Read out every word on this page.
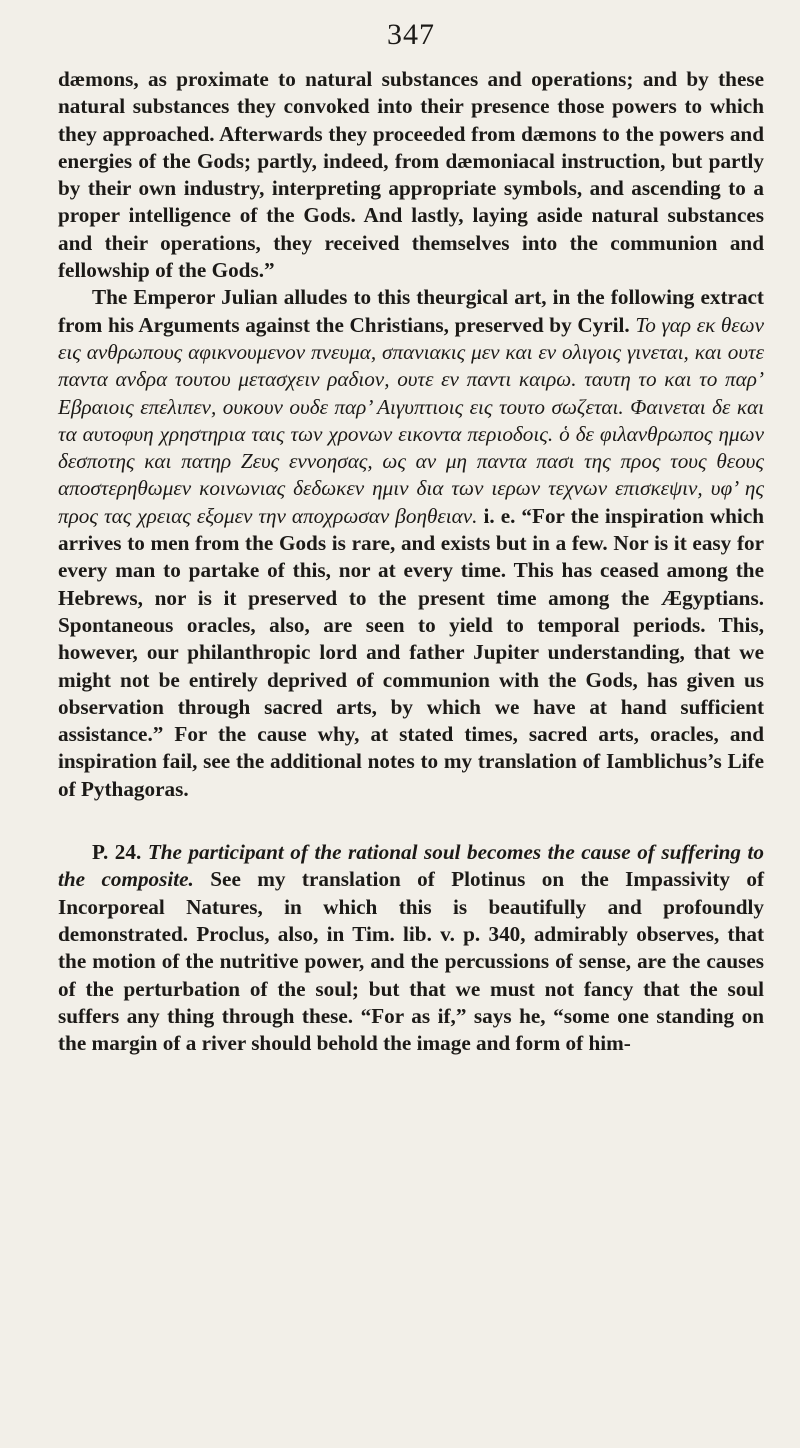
347

dæmons, as proximate to natural substances and operations; and by these natural substances they convoked into their presence those powers to which they approached. Afterwards they proceeded from dæmons to the powers and energies of the Gods; partly, indeed, from dæmoniacal instruction, but partly by their own industry, interpreting appropriate symbols, and ascending to a proper intelligence of the Gods. And lastly, laying aside natural substances and their operations, they received themselves into the communion and fellowship of the Gods.”

The Emperor Julian alludes to this theurgical art, in the following extract from his Arguments against the Christians, preserved by Cyril. Το γαρ εκ θεων εις ανθρωπους αφικνουμενον πνευμα, σπανιακις μεν και εν ολιγοις γινεται, και ουτε παντα ανδρα τουτου μετασχειν ραδιον, ουτε εν παντι καιρω. ταυτη το και το παρ’ Εβραιοις επελιπεν, ουκουν ουδε παρ’ Αιγυπτιοις εις τουτο σωζεται. Φαινεται δε και τα αυτοφυη χρηστηρια ταις των χρονων εικοντα περιοδοις. ὁ δε φιλανθρωπος ημων δεσποτης και πατηρ Ζευς εννοησας, ως αν μη παντα πασι της προς τους θεους αποστερηθωμεν κοινωνιας δεδωκεν ημιν δια των ιερων τεχνων επισκεψιν, υφ’ ης προς τας χρειας εξομεν την αποχρωσαν βοηθειαν. i. e. “For the inspiration which arrives to men from the Gods is rare, and exists but in a few. Nor is it easy for every man to partake of this, nor at every time. This has ceased among the Hebrews, nor is it preserved to the present time among the Ægyptians. Spontaneous oracles, also, are seen to yield to temporal periods. This, however, our philanthropic lord and father Jupiter understanding, that we might not be entirely deprived of communion with the Gods, has given us observation through sacred arts, by which we have at hand sufficient assistance.” For the cause why, at stated times, sacred arts, oracles, and inspiration fail, see the additional notes to my translation of Iamblichus’s Life of Pythagoras.

P. 24. The participant of the rational soul becomes the cause of suffering to the composite. See my translation of Plotinus on the Impassivity of Incorporeal Natures, in which this is beautifully and profoundly demonstrated. Proclus, also, in Tim. lib. v. p. 340, admirably observes, that the motion of the nutritive power, and the percussions of sense, are the causes of the perturbation of the soul; but that we must not fancy that the soul suffers any thing through these. “For as if,” says he, “some one standing on the margin of a river should behold the image and form of him-
